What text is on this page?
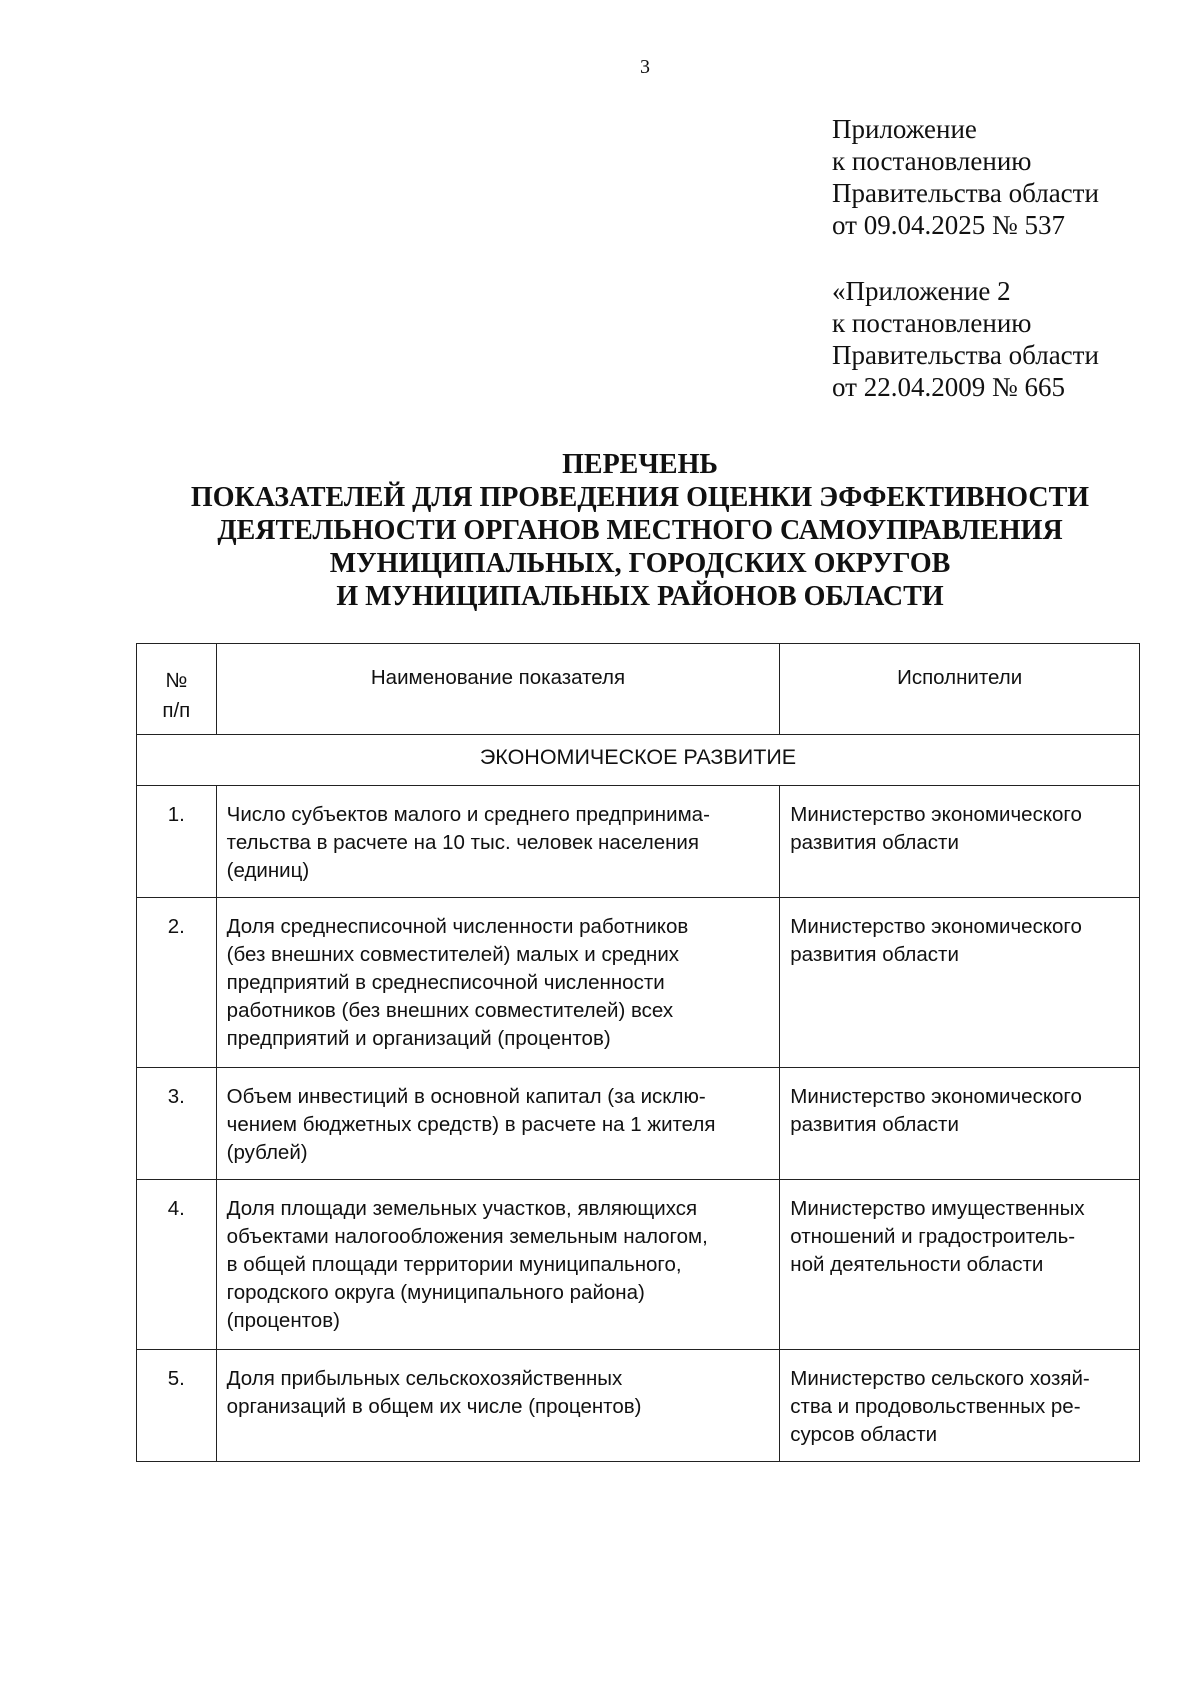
3
Приложение
к постановлению
Правительства области
от 09.04.2025 № 537
«Приложение 2
к постановлению
Правительства области
от 22.04.2009 № 665
ПЕРЕЧЕНЬ
ПОКАЗАТЕЛЕЙ ДЛЯ ПРОВЕДЕНИЯ ОЦЕНКИ ЭФФЕКТИВНОСТИ
ДЕЯТЕЛЬНОСТИ ОРГАНОВ МЕСТНОГО САМОУПРАВЛЕНИЯ
МУНИЦИПАЛЬНЫХ, ГОРОДСКИХ ОКРУГОВ
И МУНИЦИПАЛЬНЫХ РАЙОНОВ ОБЛАСТИ
№
п/п	Наименование показателя	Исполнители
ЭКОНОМИЧЕСКОЕ РАЗВИТИЕ		
1.	Число субъектов малого и среднего предпринима-
тельства в расчете на 10 тыс. человек населения
(единиц)	Министерство экономического
развития области

2.	Доля среднесписочной численности работников
(без внешних совместителей) малых и средних
предприятий в среднесписочной численности
работников (без внешних совместителей) всех
предприятий и организаций (процентов)	Министерство экономического
развития области

3.	Объем инвестиций в основной капитал (за исклю-
чением бюджетных средств) в расчете на 1 жителя
(рублей)	Министерство экономического
развития области

4.	Доля площади земельных участков, являющихся
объектами налогообложения земельным налогом,
в общей площади территории муниципального,
городского округа (муниципального района)
(процентов)	Министерство имущественных
отношений и градостроитель-
ной деятельности области

5.	Доля прибыльных сельскохозяйственных
организаций в общем их числе (процентов)	Министерство сельского хозяй-
ства и продовольственных ре-
сурсов области
